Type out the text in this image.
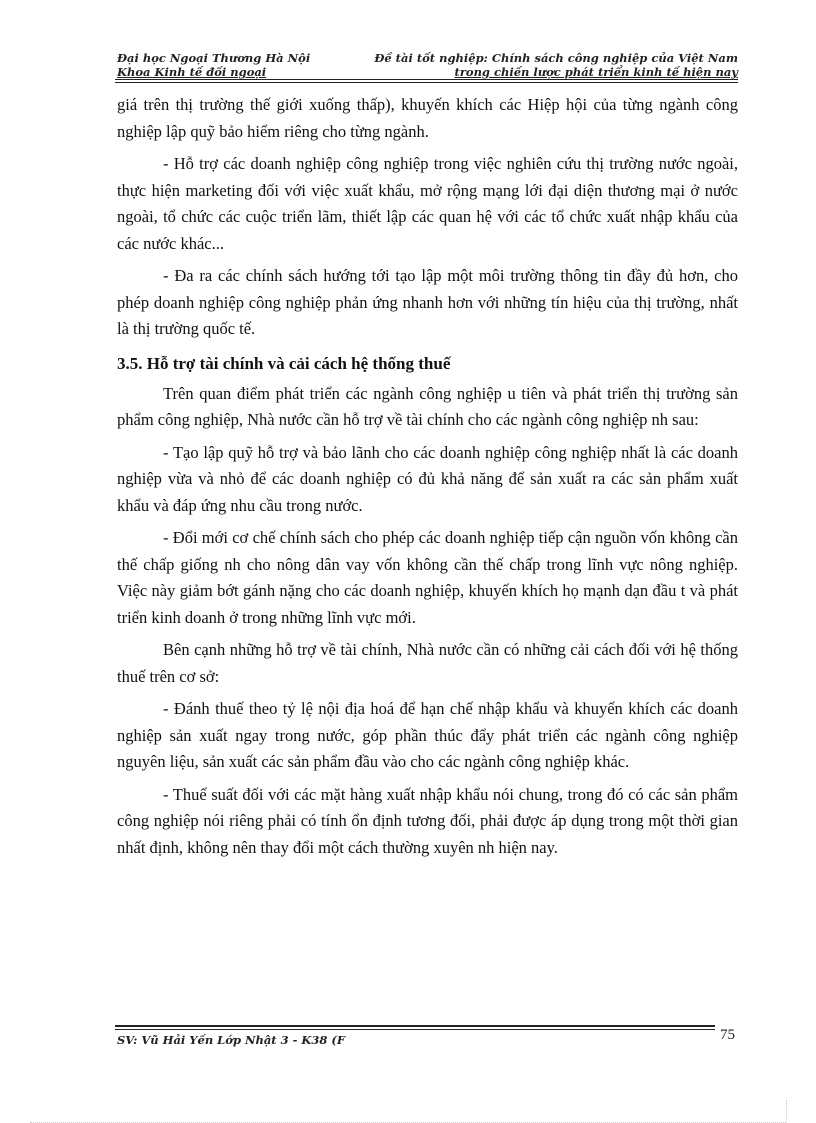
Đại học Ngoại Thương Hà Nội
Khoa Kinh tế đối ngoại
Đề tài tốt nghiệp: Chính sách công nghiệp của Việt Nam
trong chiến lược phát triển kinh tế hiện nay

giá trên thị trường thế giới xuống thấp), khuyến khích các Hiệp hội của từng ngành công nghiệp lập quỹ bảo hiểm riêng cho từng ngành.

- Hỗ trợ các doanh nghiệp công nghiệp trong việc nghiên cứu thị trường nước ngoài, thực hiện marketing đối với việc xuất khẩu, mở rộng mạng lới đại diện thương mại ở nước ngoài, tổ chức các cuộc triển lãm, thiết lập các quan hệ với các tổ chức xuất nhập khẩu của các nước khác...

- Đa ra các chính sách hướng tới tạo lập một môi trường thông tin đầy đủ hơn, cho phép doanh nghiệp công nghiệp phản ứng nhanh hơn với những tín hiệu của thị trường, nhất là thị trường quốc tế.

3.5. Hỗ trợ tài chính và cải cách hệ thống thuế

Trên quan điểm phát triển các ngành công nghiệp u tiên và phát triển thị trường sản phẩm công nghiệp, Nhà nước cần hỗ trợ về tài chính cho các ngành công nghiệp nh sau:

- Tạo lập quỹ hỗ trợ và bảo lãnh cho các doanh nghiệp công nghiệp nhất là các doanh nghiệp vừa và nhỏ để các doanh nghiệp có đủ khả năng để sản xuất ra các sản phẩm xuất khẩu và đáp ứng nhu cầu trong nước.

- Đổi mới cơ chế chính sách cho phép các doanh nghiệp tiếp cận nguồn vốn không cần thế chấp giống nh cho nông dân vay vốn không cần thế chấp trong lĩnh vực nông nghiệp. Việc này giảm bớt gánh nặng cho các doanh nghiệp, khuyến khích họ mạnh dạn đầu t và phát triển kinh doanh ở trong những lĩnh vực mới.

Bên cạnh những hỗ trợ về tài chính, Nhà nước cần có những cải cách đối với hệ thống thuế trên cơ sở:

- Đánh thuế theo tỷ lệ nội địa hoá để hạn chế nhập khẩu và khuyến khích các doanh nghiệp sản xuất ngay trong nước, góp phần thúc đẩy phát triển các ngành công nghiệp nguyên liệu, sản xuất các sản phẩm đầu vào cho các ngành công nghiệp khác.

- Thuế suất đối với các mặt hàng xuất nhập khẩu nói chung, trong đó có các sản phẩm công nghiệp nói riêng phải có tính ổn định tương đối, phải được áp dụng trong một thời gian nhất định, không nên thay đổi một cách thường xuyên nh hiện nay.

SV: Vũ Hải Yến Lớp Nhật 3 - K38 (F	75
